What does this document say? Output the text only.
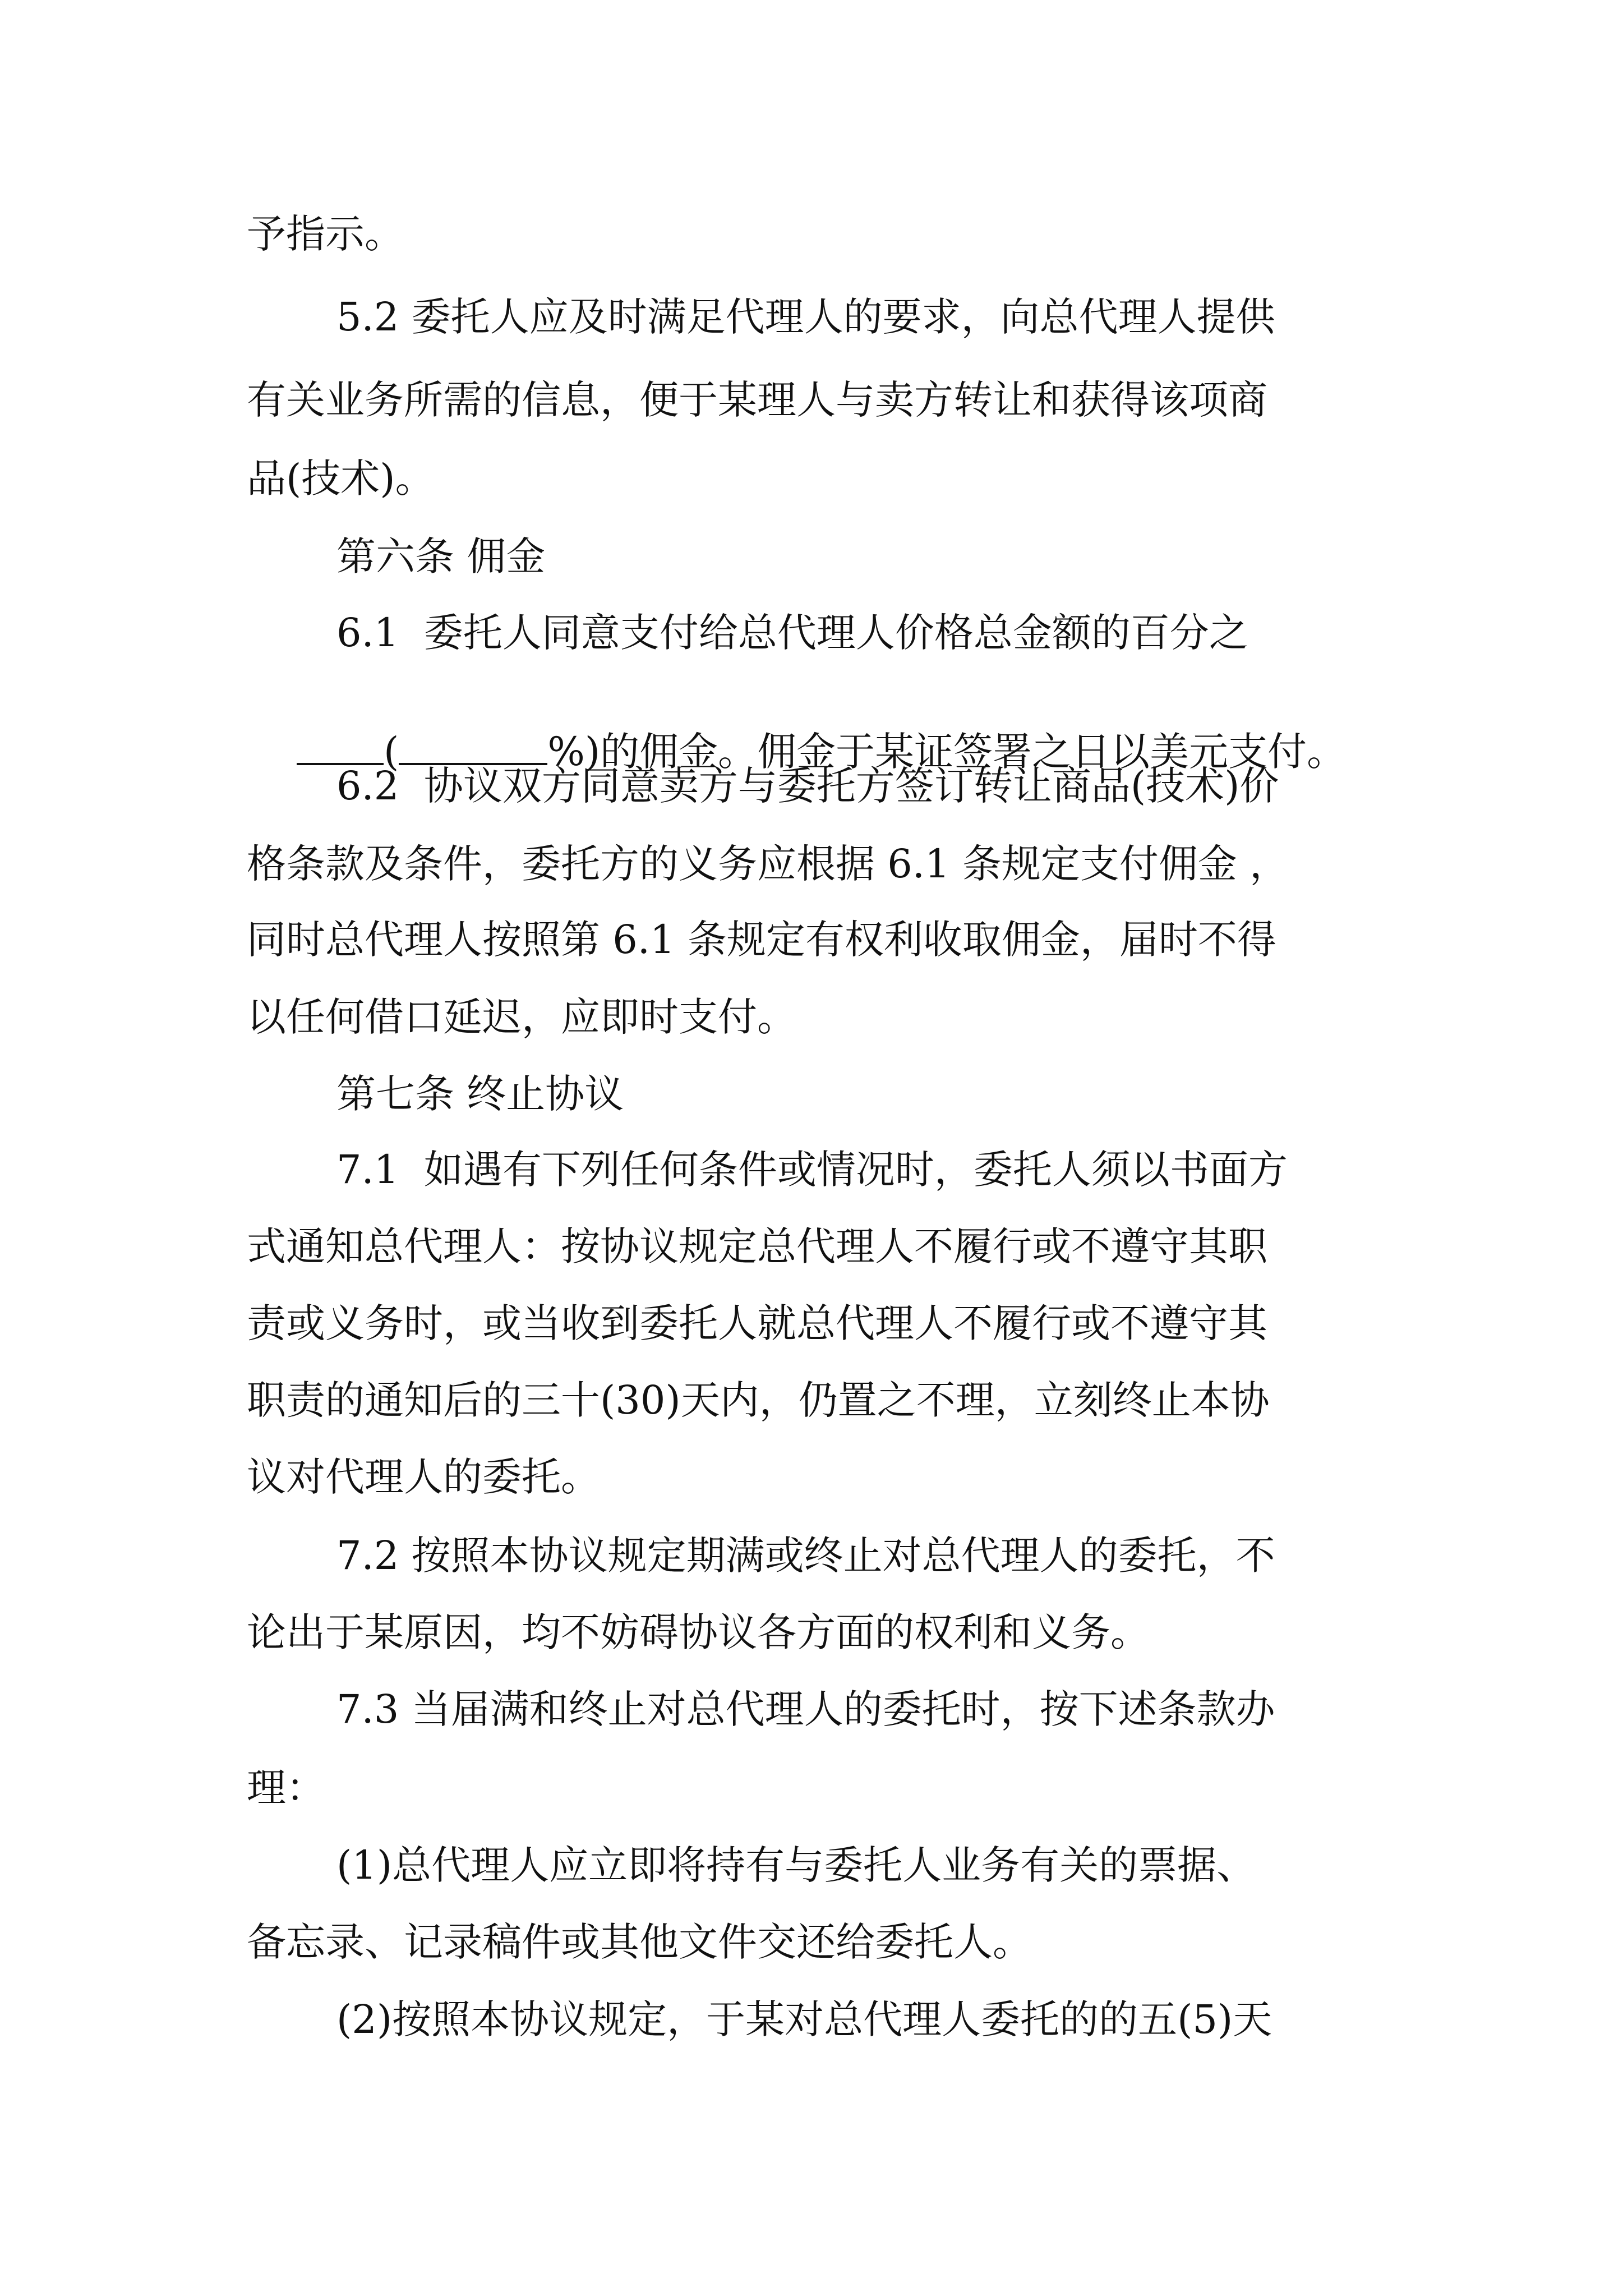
予指示。
5.2 委托人应及时满足代理人的要求，向总代理人提供
有关业务所需的信息，便于某理人与卖方转让和获得该项商
品(技术)。
第六条 佣金
6.1  委托人同意支付给总代理人价格总金额的百分之

(	%)的佣金。佣金于某证签署之日以美元支付。

6.2  协议双方同意卖方与委托方签订转让商品(技术)价
格条款及条件，委托方的义务应根据 6.1 条规定支付佣金 ，
同时总代理人按照第 6.1 条规定有权利收取佣金，届时不得
以任何借口延迟，应即时支付。
第七条 终止协议
7.1  如遇有下列任何条件或情况时，委托人须以书面方
式通知总代理人：按协议规定总代理人不履行或不遵守其职
责或义务时，或当收到委托人就总代理人不履行或不遵守其
职责的通知后的三十(30)天内，仍置之不理，立刻终止本协
议对代理人的委托。
7.2 按照本协议规定期满或终止对总代理人的委托，不
论出于某原因，均不妨碍协议各方面的权利和义务。
7.3 当届满和终止对总代理人的委托时，按下述条款办
理：
(1)总代理人应立即将持有与委托人业务有关的票据、
备忘录、记录稿件或其他文件交还给委托人。
(2)按照本协议规定，于某对总代理人委托的的五(5)天
